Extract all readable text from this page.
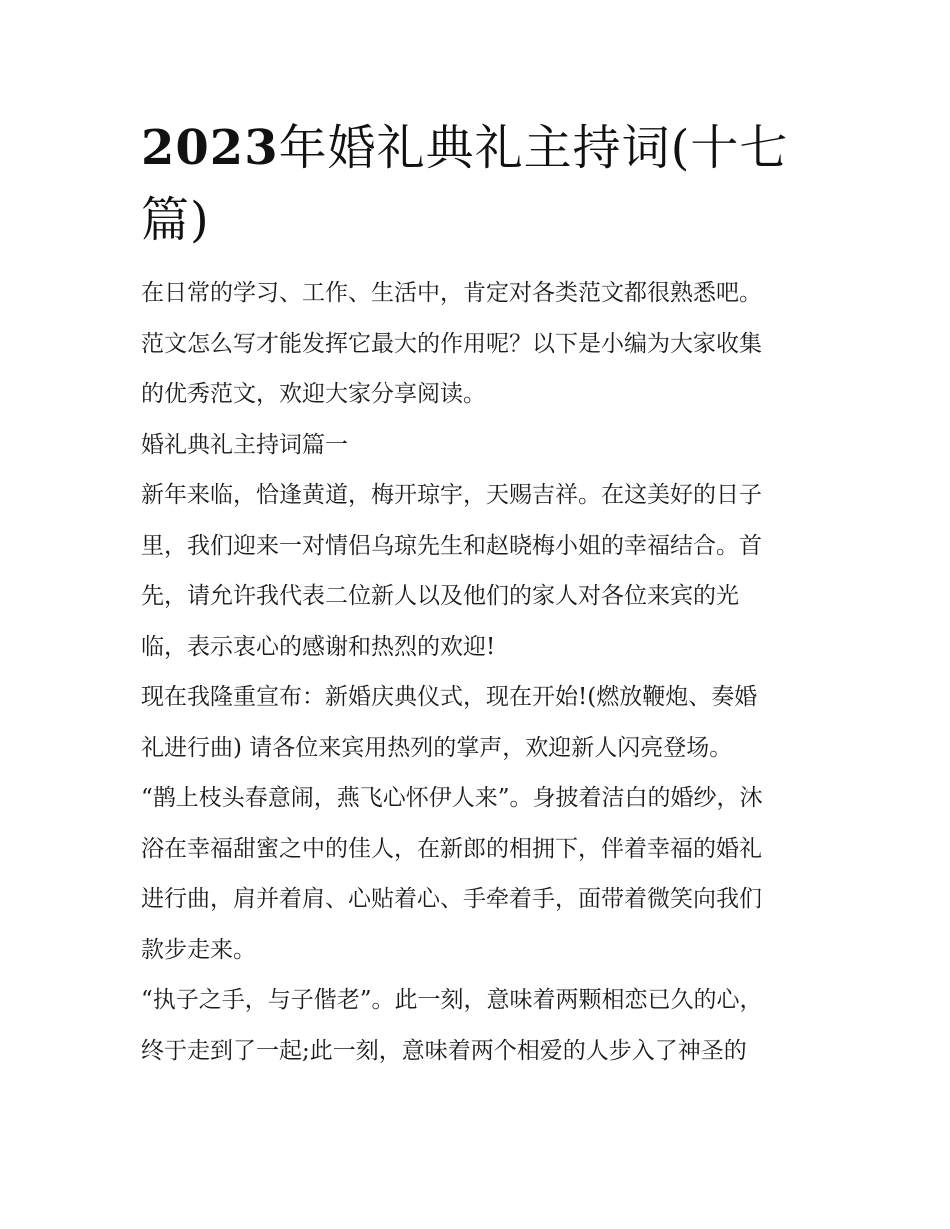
2023年婚礼典礼主持词(十七
篇)

在日常的学习、工作、生活中，肯定对各类范文都很熟悉吧。
范文怎么写才能发挥它最大的作用呢？以下是小编为大家收集
的优秀范文，欢迎大家分享阅读。

婚礼典礼主持词篇一

新年来临，恰逢黄道，梅开琼宇，天赐吉祥。在这美好的日子
里，我们迎来一对情侣乌琼先生和赵晓梅小姐的幸福结合。首
先，请允许我代表二位新人以及他们的家人对各位来宾的光
临，表示衷心的感谢和热烈的欢迎!

现在我隆重宣布：新婚庆典仪式，现在开始!(燃放鞭炮、奏婚
礼进行曲) 请各位来宾用热列的掌声，欢迎新人闪亮登场。

“鹊上枝头春意闹，燕飞心怀伊人来”。身披着洁白的婚纱，沐
浴在幸福甜蜜之中的佳人，在新郎的相拥下，伴着幸福的婚礼
进行曲，肩并着肩、心贴着心、手牵着手，面带着微笑向我们
款步走来。

“执子之手，与子偕老”。此一刻，意味着两颗相恋已久的心，
终于走到了一起;此一刻，意味着两个相爱的人步入了神圣的
